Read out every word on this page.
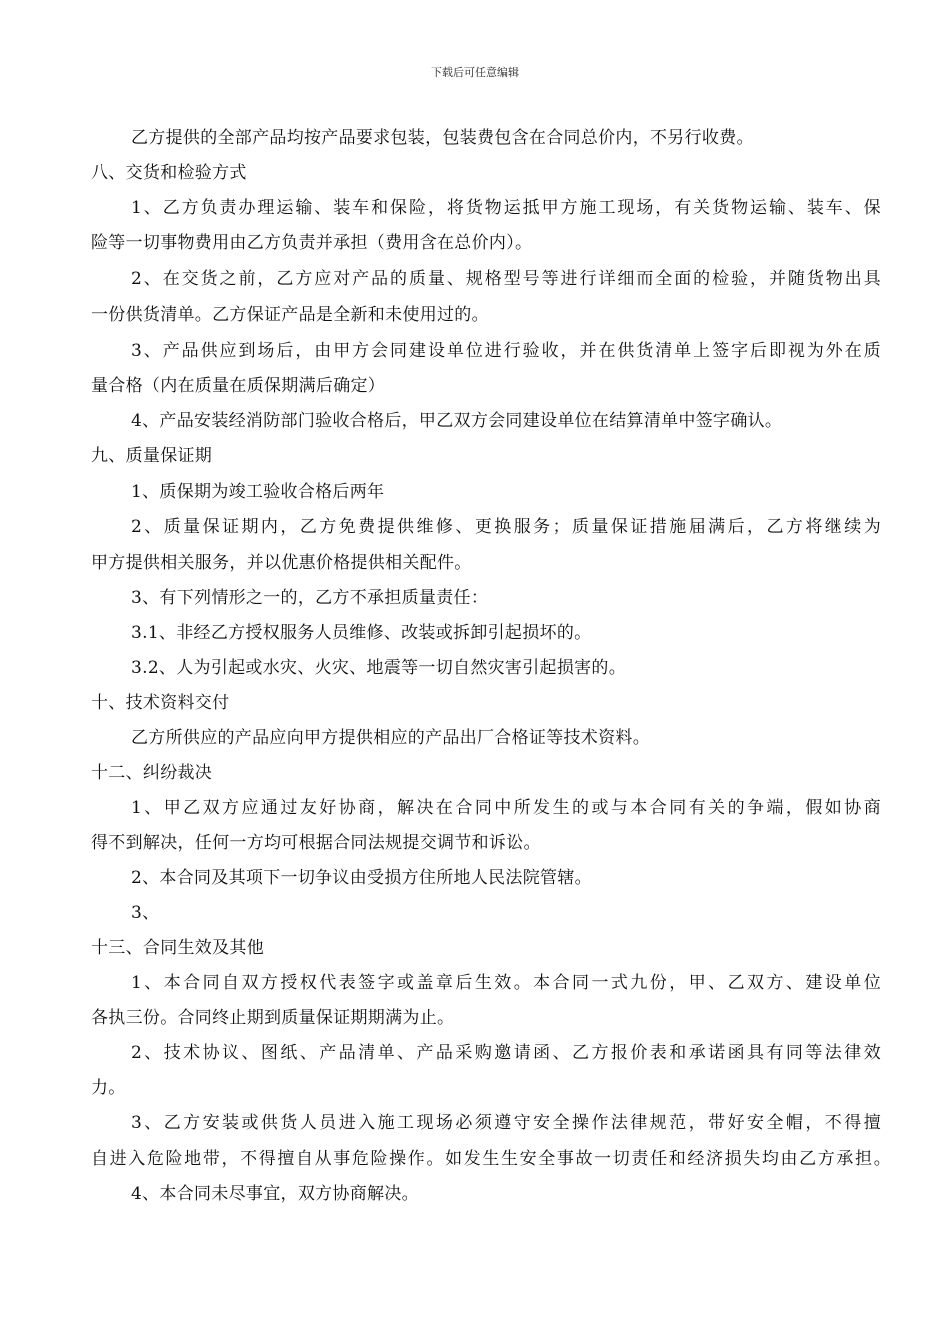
下载后可任意编辑
乙方提供的全部产品均按产品要求包装，包装费包含在合同总价内，不另行收费。
八、交货和检验方式
1、乙方负责办理运输、装车和保险，将货物运抵甲方施工现场，有关货物运输、装车、保
险等一切事物费用由乙方负责并承担（费用含在总价内）。
2、在交货之前，乙方应对产品的质量、规格型号等进行详细而全面的检验，并随货物出具
一份供货清单。乙方保证产品是全新和未使用过的。
3、产品供应到场后，由甲方会同建设单位进行验收，并在供货清单上签字后即视为外在质
量合格（内在质量在质保期满后确定）
4、产品安装经消防部门验收合格后，甲乙双方会同建设单位在结算清单中签字确认。
九、质量保证期
1、质保期为竣工验收合格后两年
2、质量保证期内，乙方免费提供维修、更换服务；质量保证措施届满后，乙方将继续为
甲方提供相关服务，并以优惠价格提供相关配件。
3、有下列情形之一的，乙方不承担质量责任：
3.1、非经乙方授权服务人员维修、改装或拆卸引起损坏的。
3.2、人为引起或水灾、火灾、地震等一切自然灾害引起损害的。
十、技术资料交付
乙方所供应的产品应向甲方提供相应的产品出厂合格证等技术资料。
十二、纠纷裁决
1、甲乙双方应通过友好协商，解决在合同中所发生的或与本合同有关的争端，假如协商
得不到解决，任何一方均可根据合同法规提交调节和诉讼。
2、本合同及其项下一切争议由受损方住所地人民法院管辖。
3、
十三、合同生效及其他
1、本合同自双方授权代表签字或盖章后生效。本合同一式九份，甲、乙双方、建设单位
各执三份。合同终止期到质量保证期期满为止。
2、技术协议、图纸、产品清单、产品采购邀请函、乙方报价表和承诺函具有同等法律效
力。
3、乙方安装或供货人员进入施工现场必须遵守安全操作法律规范，带好安全帽，不得擅
自进入危险地带，不得擅自从事危险操作。如发生生安全事故一切责任和经济损失均由乙方承担。
4、本合同未尽事宜，双方协商解决。
